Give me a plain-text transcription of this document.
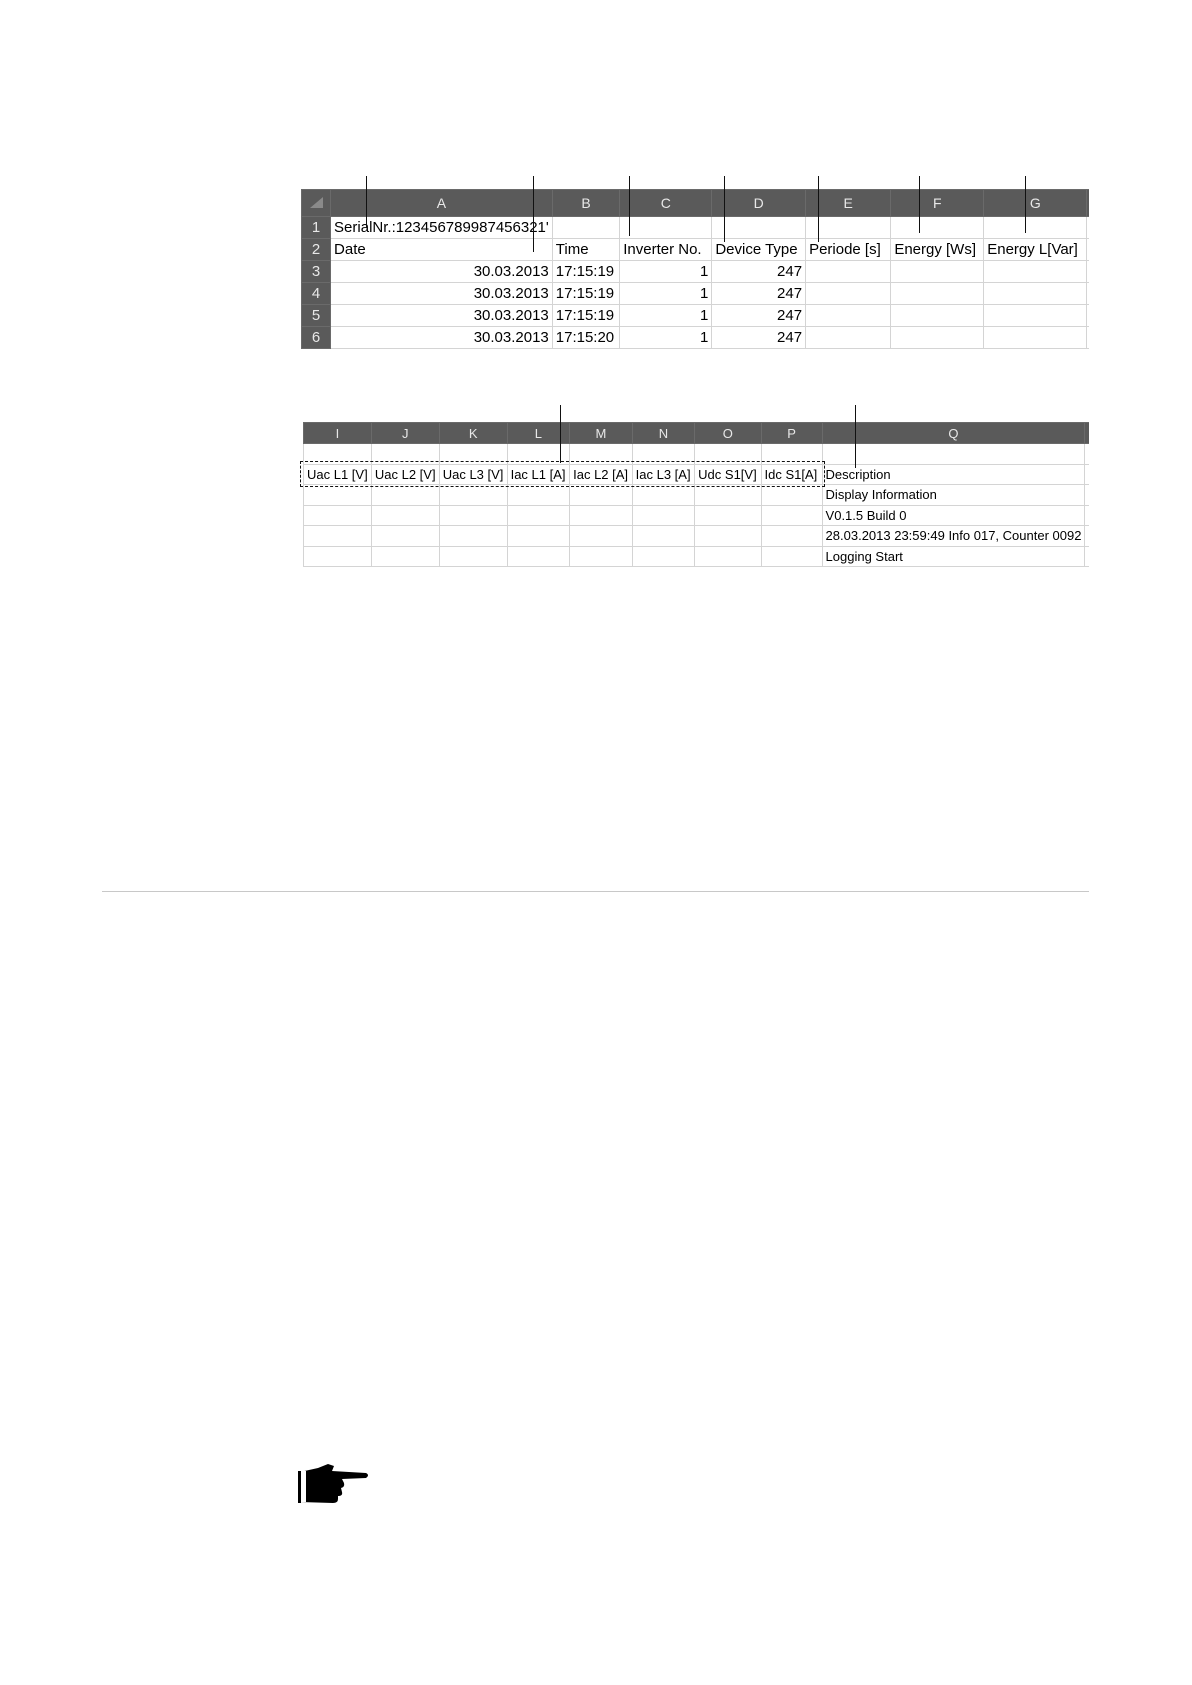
	A	B	C	D	E	F	G	
1	SerialNr.:123456789987456321'							
2	Date	Time	Inverter No.	Device Type	Periode [s]	Energy [Ws]	Energy L[Var]	
3	30.03.2013	17:15:19	1	247				
4	30.03.2013	17:15:19	1	247				
5	30.03.2013	17:15:19	1	247				
6	30.03.2013	17:15:20	1	247				
I	J	K	L	M	N	O	P	Q		

Uac L1 [V]	Uac L2 [V]	Uac L3 [V]	Iac L1 [A]	Iac L2 [A]	Iac L3 [A]	Udc S1[V]	Idc S1[A]	Description		
								Display Information		
								V0.1.5 Build 0		
								28.03.2013 23:59:49 Info 017, Counter 0092		
								Logging Start		
